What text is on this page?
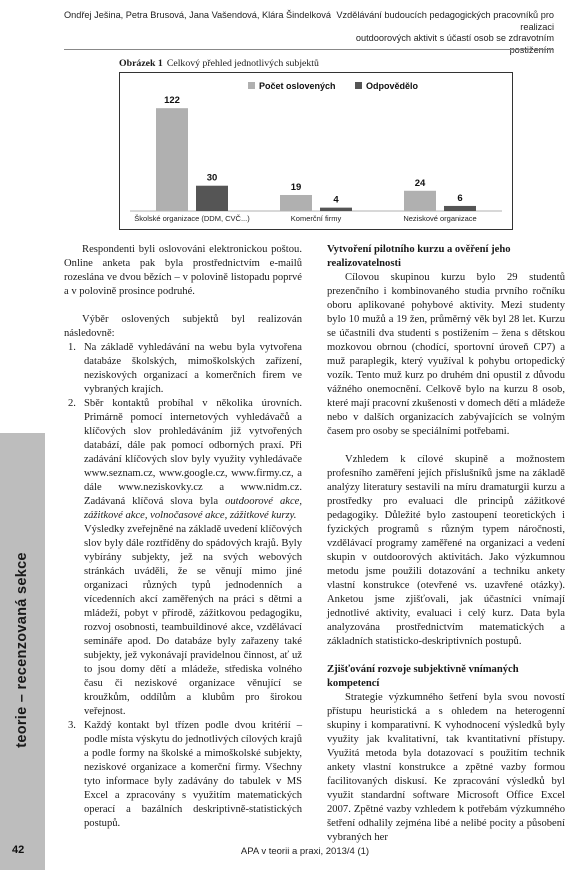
Ondřej Ješina, Petra Brusová, Jana Vašendová, Klára Šindelková Vzdělávání budoucích pedagogických pracovníků pro realizaci
outdoorových aktivit s účastí osob se zdravotním postižením
Obrázek 1 Celkový přehled jednotlivých subjektů
Počet oslovených	Odpovědělo
122
30
Školské organizace (DDM, CVČ...)
19
4
Komerční firmy
24
6
Neziskové organizace

Respondenti byli oslovováni elektronickou poštou. Online anketa pak byla prostřednictvím e-mailů rozeslána ve dvou bězích – v polovině listopadu poprvé a v polovině prosince podruhé.

Výběr oslovených subjektů byl realizován následovně:

1. Na základě vyhledávání na webu byla vytvořena databáze školských, mimoškolských zařízení, neziskových organizací a komerčních firem ve vybraných krajích.
2. Sběr kontaktů probíhal v několika úrovních. Primárně pomocí internetových vyhledávačů a klíčových slov prohledáváním již vytvořených databází, dále pak pomocí odborných praxí. Při zadávání klíčových slov byly využity vyhledávače www.seznam.cz, www.google.cz, www.firmy.cz, a dále www.neziskovky.cz a www.nidm.cz. Zadávaná klíčová slova byla outdoorové akce, zážitkové akce, volnočasové akce, zážitkové kurzy.
Výsledky zveřejněné na základě uvedení klíčových slov byly dále roztříděny do spádových krajů. Byly vybírány subjekty, jež na svých webových stránkách uváděli, že se věnují mimo jiné organizaci různých typů jednodenních a vícedenních akcí zaměřených na práci s dětmi a mládeží, pobyt v přírodě, zážitkovou pedagogiku, rozvoj osobnosti, teambuildinové akce, vzdělávací semináře apod. Do databáze byly zařazeny také subjekty, jež vykonávají pravidelnou činnost, ať už to jsou domy dětí a mládeže, střediska volného času či neziskové organizace věnující se kroužkům, oddílům a klubům pro širokou veřejnost.
3. Každý kontakt byl třízen podle dvou kritérií – podle místa výskytu do jednotlivých cílových krajů a podle formy na školské a mimoškolské subjekty, neziskové organizace a komerční firmy. Všechny tyto informace byly zadávány do tabulek v MS Excel a zpracovány s využitím matematických operací a bazálních deskriptivně-statistických postupů.

Vytvoření pilotního kurzu a ověření jeho realizovatelnosti

Cílovou skupinou kurzu bylo 29 studentů prezenčního i kombinovaného studia prvního ročníku oboru aplikované pohybové aktivity. Mezi studenty bylo 10 mužů a 19 žen, průměrný věk byl 28 let. Kurzu se účastnili dva studenti s postižením – žena s dětskou mozkovou obrnou (chodící, sportovní úroveň CP7) a muž paraplegik, který využíval k pohybu ortopedický vozík. Tento muž kurz po druhém dni opustil z důvodu vážného onemocnění. Celkově bylo na kurzu 8 osob, které mají pracovní zkušenosti v domech dětí a mládeže nebo v dalších organizacích zabývajících se volným časem pro osoby se speciálními potřebami.

Vzhledem k cílové skupině a možnostem profesního zaměření jejích příslušníků jsme na základě analýzy literatury sestavili na míru dramaturgii kurzu a prostředky pro evaluaci dle principů zážitkové pedagogiky. Důležité bylo zastoupení teoretických i fyzických programů s různým typem náročnosti, vzdělávací programy zaměřené na organizaci a vedení skupin v outdoorových aktivitách. Jako výzkumnou metodu jsme použili dotazování a techniku ankety vlastní konstrukce (otevřené vs. uzavřené otázky). Anketou jsme zjišťovali, jak účastníci vnímají jednotlivé aktivity, evaluaci i celý kurz. Data byla analyzována prostřednictvím matematických a základních statisticko-deskriptivních postupů.

Zjišťování rozvoje subjektivně vnímaných kompetencí

Strategie výzkumného šetření byla svou novostí přístupu heuristická a s ohledem na heterogenní skupiny i komparativní. K vyhodnocení výsledků byly využity jak kvalitativní, tak kvantitativní přístupy. Využitá metoda byla dotazovací s použitím technik ankety vlastní konstrukce a zpětné vazby formou facilitovaných diskusí. Ke zpracování výsledků byl využit standardní software Microsoft Office Excel 2007. Zpětné vazby vzhledem k potřebám výzkumného šetření odhalily zejména libé a nelibé pocity a působení vybraných her

teorie – recenzovaná sekce
42	APA v teorii a praxi, 2013/4 (1)
